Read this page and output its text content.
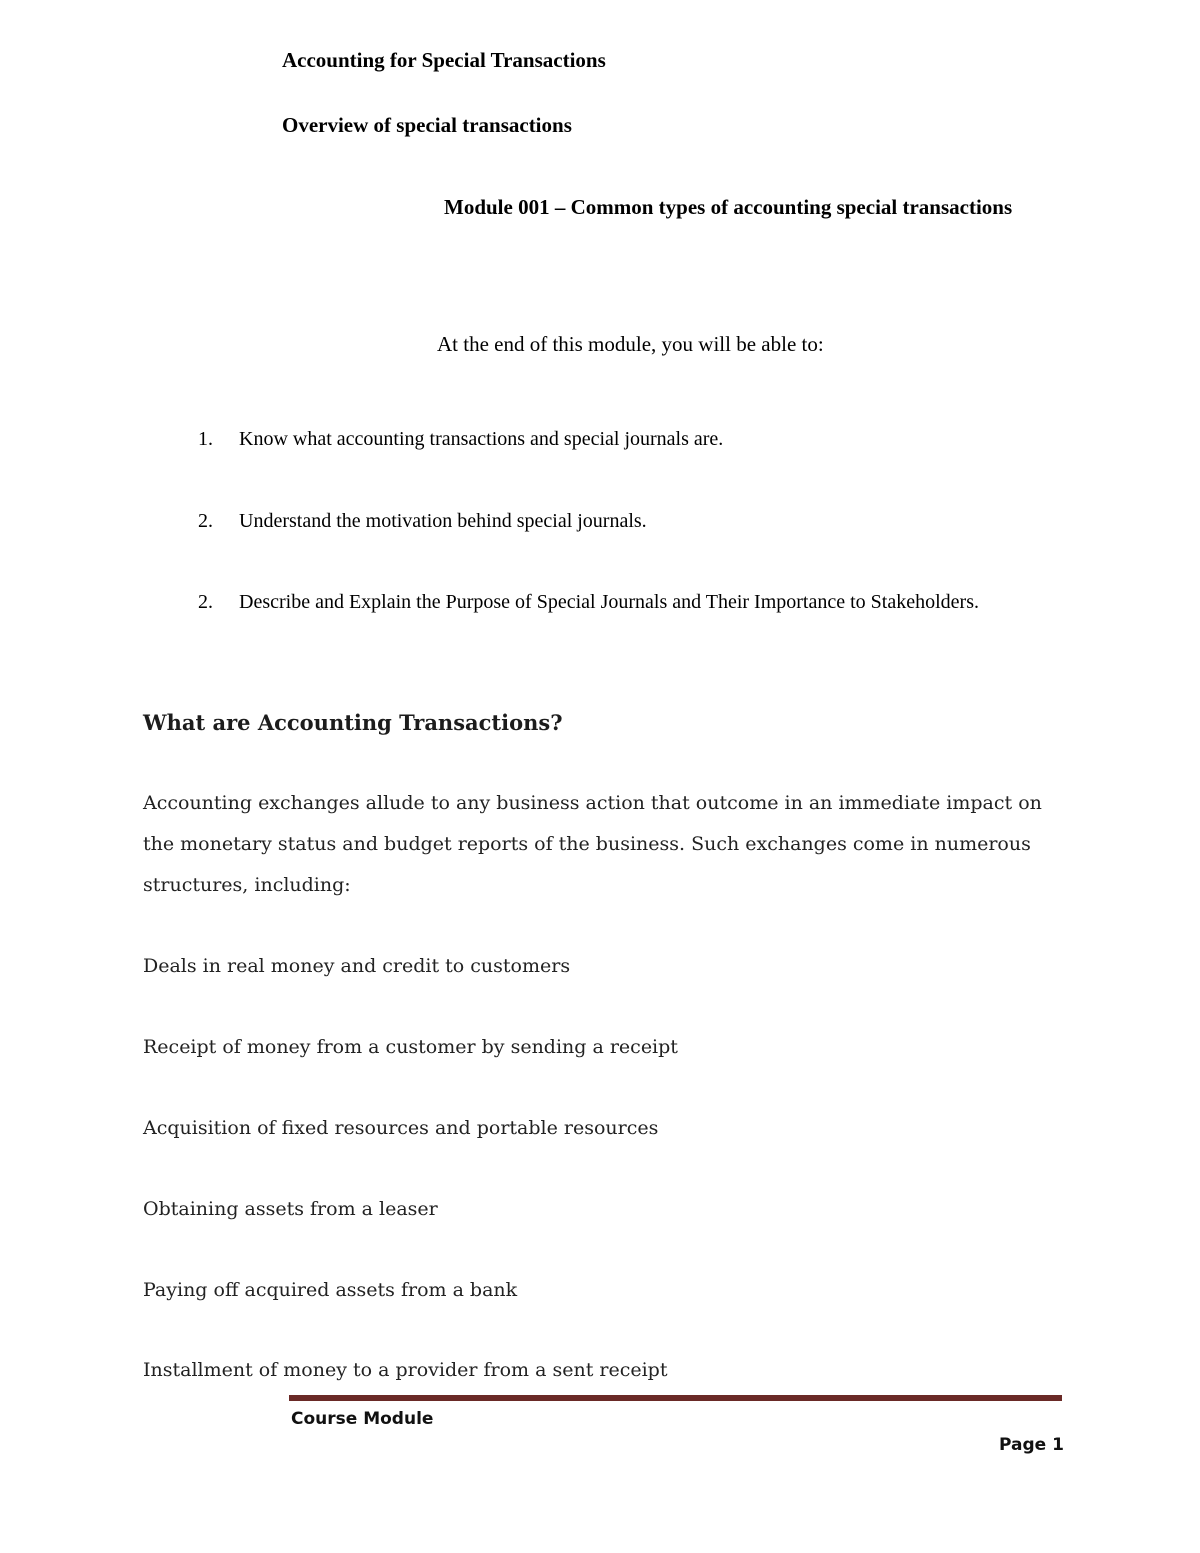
Accounting for Special Transactions
Overview of special transactions
Module 001 – Common types of accounting special transactions

At the end of this module, you will be able to:

1. Know what accounting transactions and special journals are.
2. Understand the motivation behind special journals.
2. Describe and Explain the Purpose of Special Journals and Their Importance to Stakeholders.
What are Accounting Transactions?
Accounting exchanges allude to any business action that outcome in an immediate impact on
the monetary status and budget reports of the business. Such exchanges come in numerous
structures, including:
Deals in real money and credit to customers
Receipt of money from a customer by sending a receipt
Acquisition of fixed resources and portable resources
Obtaining assets from a leaser
Paying off acquired assets from a bank
Installment of money to a provider from a sent receipt
Course Module
Page 1
